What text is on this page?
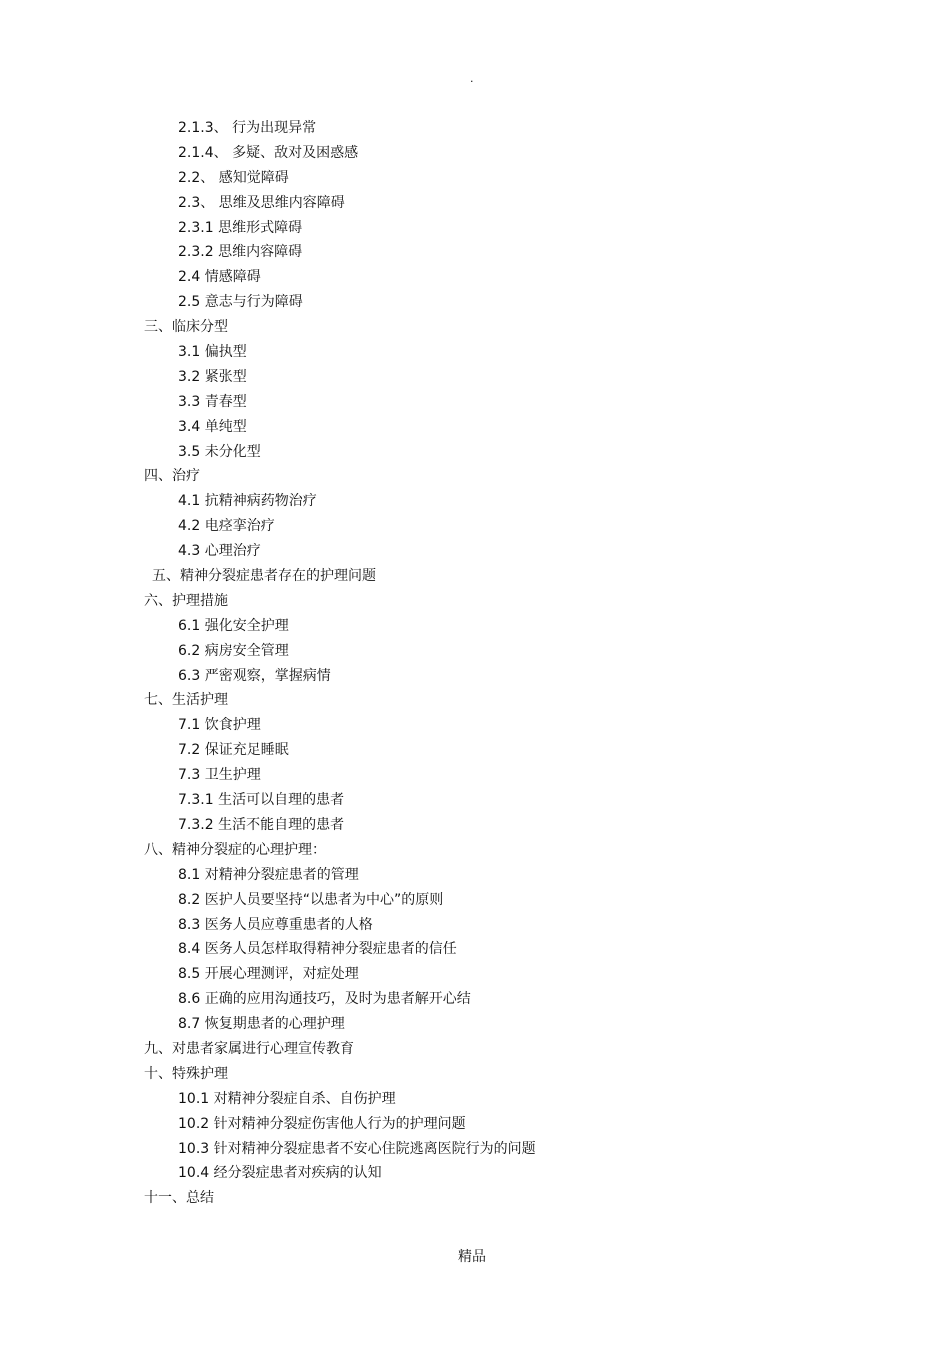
.
2.1.3、 行为出现异常
2.1.4、 多疑、敌对及困惑感
2.2、 感知觉障碍
2.3、 思维及思维内容障碍
2.3.1 思维形式障碍
2.3.2 思维内容障碍
2.4 情感障碍
2.5 意志与行为障碍
三、临床分型
3.1 偏执型
3.2 紧张型
3.3 青春型
3.4 单纯型
3.5 未分化型
四、治疗
4.1 抗精神病药物治疗
4.2 电痉挛治疗
4.3 心理治疗
五、精神分裂症患者存在的护理问题
六、护理措施
6.1 强化安全护理
6.2 病房安全管理
6.3 严密观察，掌握病情
七、生活护理
7.1 饮食护理
7.2 保证充足睡眠
7.3 卫生护理
7.3.1 生活可以自理的患者
7.3.2 生活不能自理的患者
八、精神分裂症的心理护理：
8.1 对精神分裂症患者的管理
8.2 医护人员要坚持“以患者为中心”的原则
8.3 医务人员应尊重患者的人格
8.4 医务人员怎样取得精神分裂症患者的信任
8.5 开展心理测评，对症处理
8.6 正确的应用沟通技巧，及时为患者解开心结
8.7 恢复期患者的心理护理
九、对患者家属进行心理宣传教育
十、特殊护理
10.1 对精神分裂症自杀、自伤护理
10.2 针对精神分裂症伤害他人行为的护理问题
10.3 针对精神分裂症患者不安心住院逃离医院行为的问题
10.4 经分裂症患者对疾病的认知
十一、总结
精品
